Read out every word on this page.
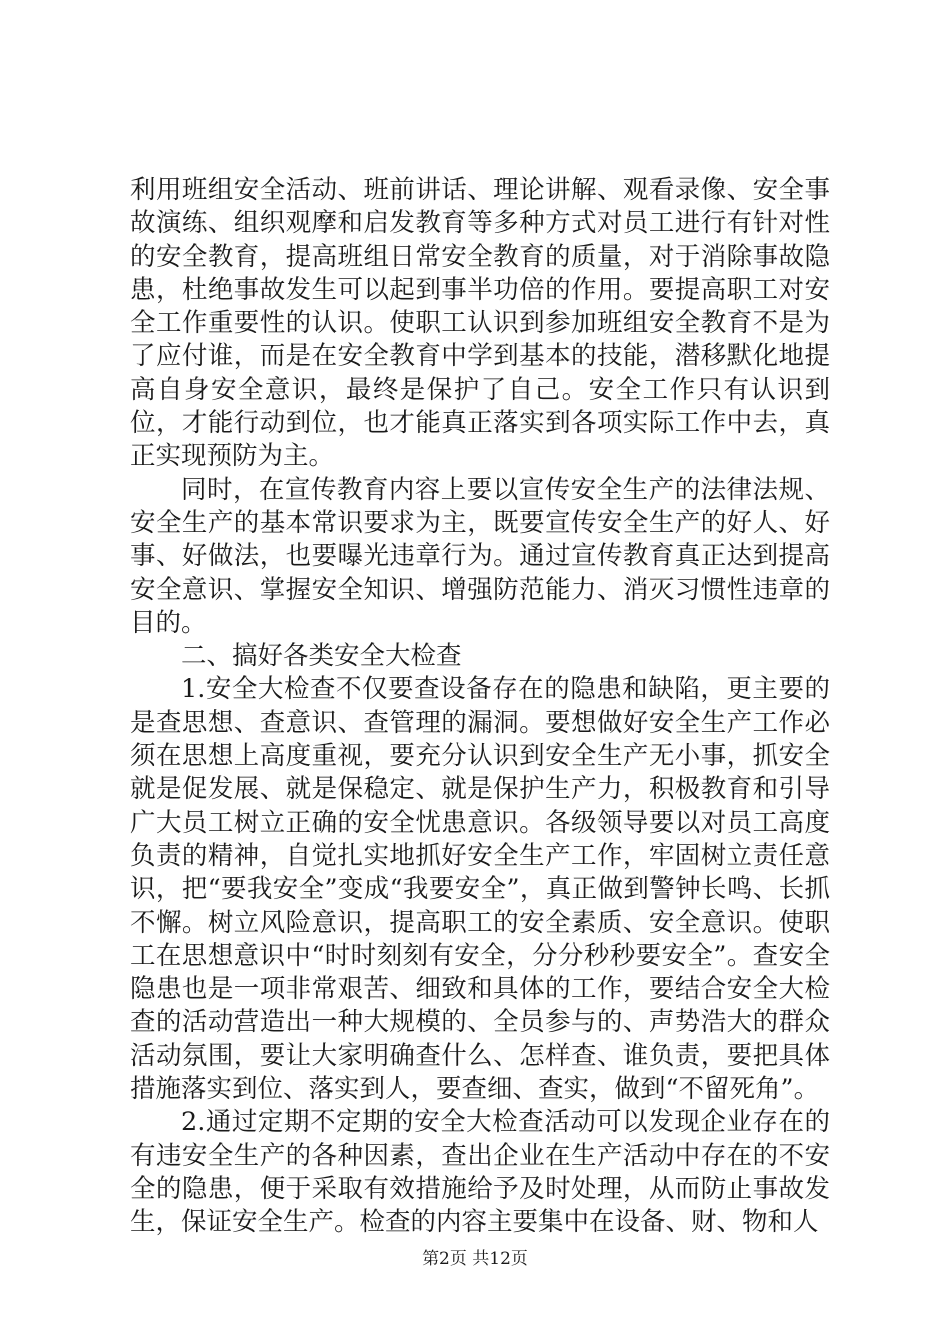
利用班组安全活动、班前讲话、理论讲解、观看录像、安全事故演练、组织观摩和启发教育等多种方式对员工进行有针对性的安全教育，提高班组日常安全教育的质量，对于消除事故隐患，杜绝事故发生可以起到事半功倍的作用。要提高职工对安全工作重要性的认识。使职工认识到参加班组安全教育不是为了应付谁，而是在安全教育中学到基本的技能，潜移默化地提高自身安全意识，最终是保护了自己。安全工作只有认识到位，才能行动到位，也才能真正落实到各项实际工作中去，真正实现预防为主。

同时，在宣传教育内容上要以宣传安全生产的法律法规、安全生产的基本常识要求为主，既要宣传安全生产的好人、好事、好做法，也要曝光违章行为。通过宣传教育真正达到提高安全意识、掌握安全知识、增强防范能力、消灭习惯性违章的目的。

二、搞好各类安全大检查

1.安全大检查不仅要查设备存在的隐患和缺陷，更主要的是查思想、查意识、查管理的漏洞。要想做好安全生产工作必须在思想上高度重视，要充分认识到安全生产无小事，抓安全就是促发展、就是保稳定、就是保护生产力，积极教育和引导广大员工树立正确的安全忧患意识。各级领导要以对员工高度负责的精神，自觉扎实地抓好安全生产工作，牢固树立责任意识，把“要我安全”变成“我要安全”，真正做到警钟长鸣、长抓不懈。树立风险意识，提高职工的安全素质、安全意识。使职工在思想意识中“时时刻刻有安全，分分秒秒要安全”。查安全隐患也是一项非常艰苦、细致和具体的工作，要结合安全大检查的活动营造出一种大规模的、全员参与的、声势浩大的群众活动氛围，要让大家明确查什么、怎样查、谁负责，要把具体措施落实到位、落实到人，要查细、查实，做到“不留死角”。

2.通过定期不定期的安全大检查活动可以发现企业存在的有违安全生产的各种因素，查出企业在生产活动中存在的不安全的隐患，便于采取有效措施给予及时处理，从而防止事故发生，保证安全生产。检查的内容主要集中在设备、财、物和人

第2页 共12页
